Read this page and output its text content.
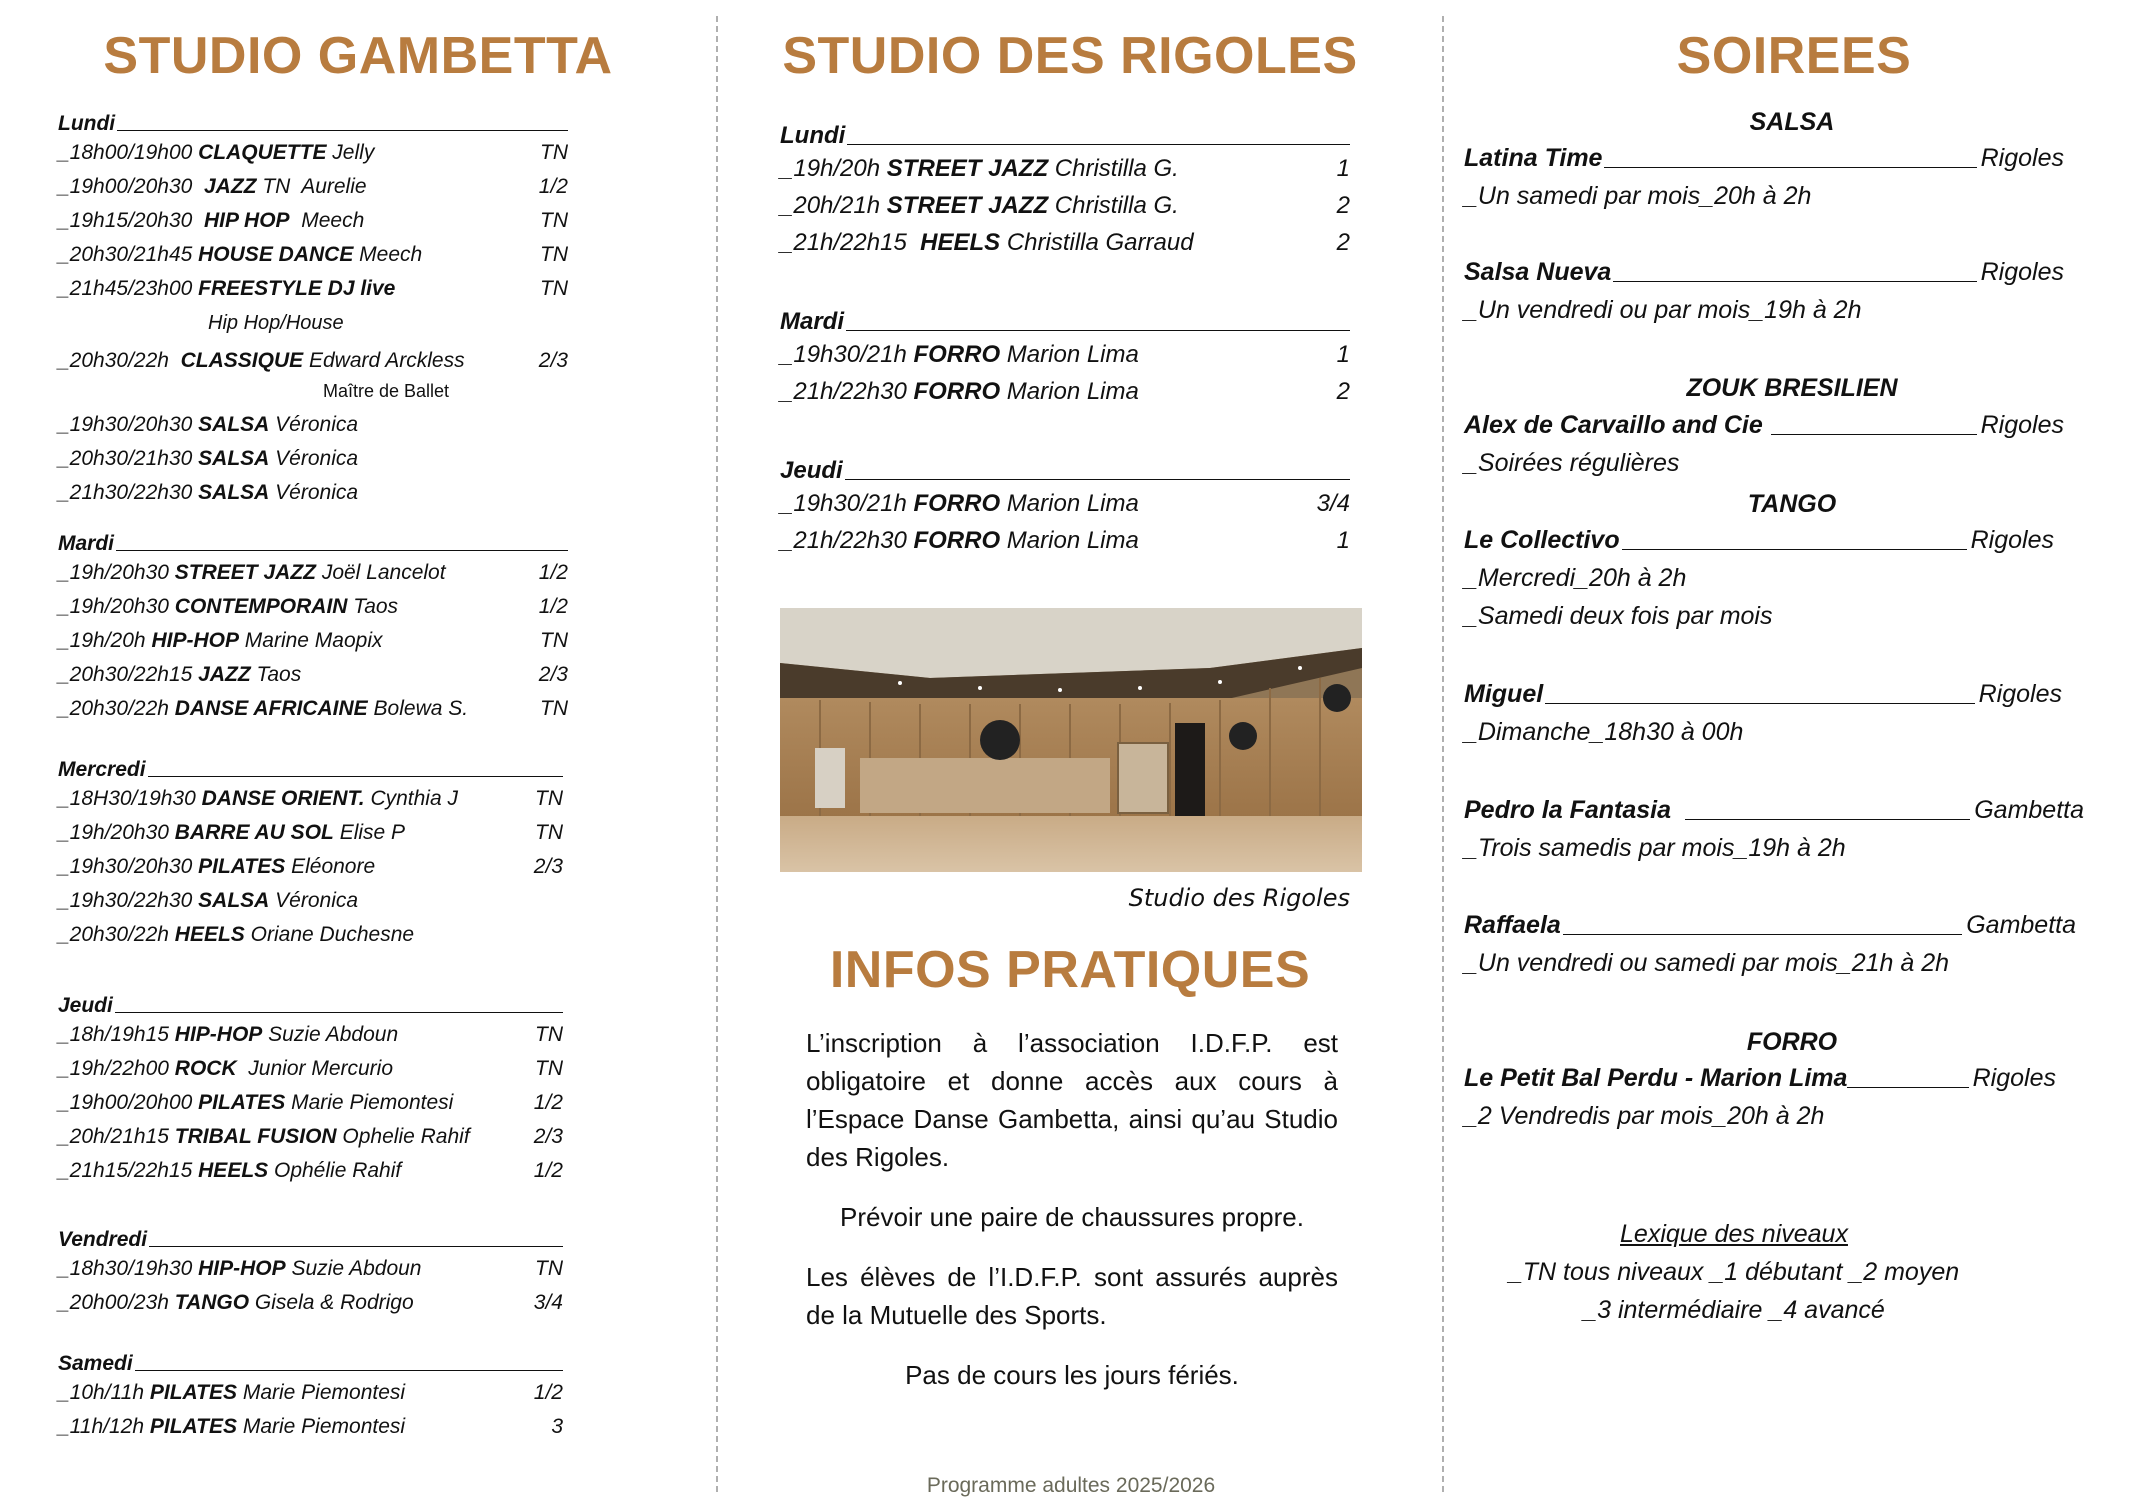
STUDIO GAMBETTA
Lundi
_18h00/19h00 CLAQUETTE Jelly	TN
_19h00/20h30  JAZZ TN  Aurelie	1/2
_19h15/20h30  HIP HOP  Meech	TN
_20h30/21h45 HOUSE DANCE Meech	TN
_21h45/23h00 FREESTYLE DJ live	TN
Hip Hop/House
_20h30/22h  CLASSIQUE Edward Arckless	2/3
Maître de Ballet
_19h30/20h30 SALSA Véronica
_20h30/21h30 SALSA Véronica
_21h30/22h30 SALSA Véronica
Mardi
_19h/20h30 STREET JAZZ Joël Lancelot	1/2
_19h/20h30 CONTEMPORAIN Taos	1/2
_19h/20h HIP-HOP Marine Maopix	TN
_20h30/22h15 JAZZ Taos	2/3
_20h30/22h DANSE AFRICAINE Bolewa S.	TN
Mercredi
_18H30/19h30 DANSE ORIENT. Cynthia J	TN
_19h/20h30 BARRE AU SOL Elise P	TN
_19h30/20h30 PILATES Eléonore	2/3
_19h30/22h30 SALSA Véronica
_20h30/22h HEELS Oriane Duchesne
Jeudi
_18h/19h15 HIP-HOP Suzie Abdoun	TN
_19h/22h00 ROCK  Junior Mercurio	TN
_19h00/20h00 PILATES Marie Piemontesi	1/2
_20h/21h15 TRIBAL FUSION Ophelie Rahif	2/3
_21h15/22h15 HEELS Ophélie Rahif	1/2
Vendredi
_18h30/19h30 HIP-HOP Suzie Abdoun	TN
_20h00/23h TANGO Gisela & Rodrigo	3/4
Samedi
_10h/11h PILATES Marie Piemontesi	1/2
_11h/12h PILATES Marie Piemontesi	3
STUDIO DES RIGOLES
Lundi
_19h/20h STREET JAZZ Christilla G.	1
_20h/21h STREET JAZZ Christilla G.	2
_21h/22h15  HEELS Christilla Garraud	2
Mardi
_19h30/21h FORRO Marion Lima	1
_21h/22h30 FORRO Marion Lima	2
Jeudi
_19h30/21h FORRO Marion Lima	3/4
_21h/22h30 FORRO Marion Lima	1
Studio des Rigoles
INFOS PRATIQUES

L’inscription à l’association I.D.F.P. est obligatoire et donne accès aux cours à l’Espace Danse Gambetta, ainsi qu’au Studio des Rigoles.

Prévoir une paire de chaussures propre.

Les élèves de l’I.D.F.P. sont assurés auprès de la Mutuelle des Sports.

Pas de cours les jours fériés.

Programme adultes 2025/2026
SOIREES
SALSA
Latina Time	Rigoles
_Un samedi par mois_20h à 2h
Salsa Nueva	Rigoles
_Un vendredi ou par mois_19h à 2h
ZOUK BRESILIEN
Alex de Carvaillo and Cie	Rigoles
_Soirées régulières
TANGO
Le Collectivo	Rigoles
_Mercredi_20h à 2h
_Samedi deux fois par mois
Miguel	Rigoles
_Dimanche_18h30 à 00h
Pedro la Fantasia	Gambetta
_Trois samedis par mois_19h à 2h
Raffaela	Gambetta
_Un vendredi ou samedi par mois_21h à 2h
FORRO
Le Petit Bal Perdu - Marion Lima	Rigoles
_2 Vendredis par mois_20h à 2h
Lexique des niveaux
_TN tous niveaux _1 débutant _2 moyen
_3 intermédiaire _4 avancé
